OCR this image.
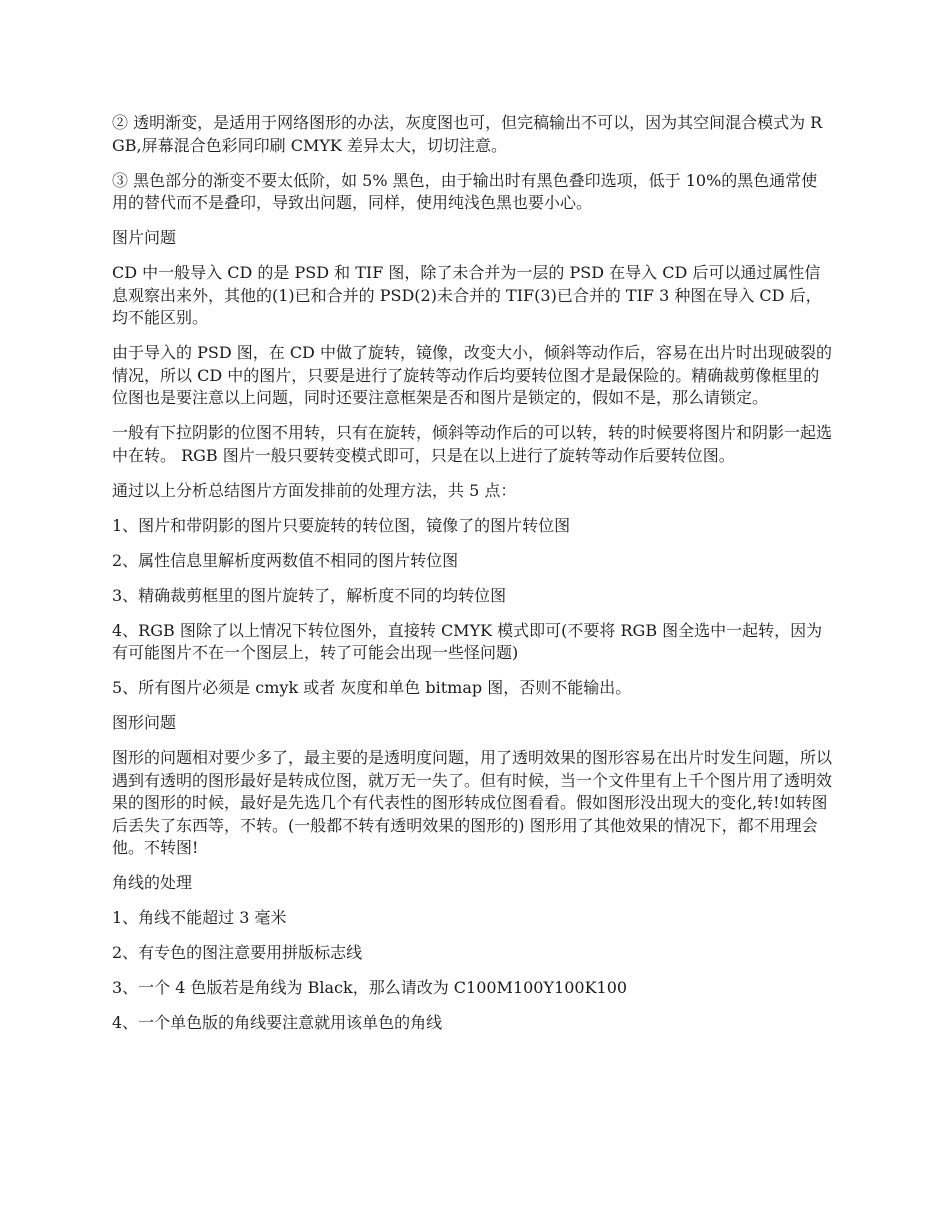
② 透明渐变，是适用于网络图形的办法，灰度图也可，但完稿输出不可以，因为其空间混合模式为 RGB,屏幕混合色彩同印刷 CMYK 差异太大，切切注意。

③ 黑色部分的渐变不要太低阶，如 5% 黑色，由于输出时有黑色叠印选项，低于 10%的黑色通常使用的替代而不是叠印，导致出问题，同样，使用纯浅色黑也要小心。

图片问题

CD 中一般导入 CD 的是 PSD 和 TIF 图，除了未合并为一层的 PSD 在导入 CD 后可以通过属性信息观察出来外，其他的(1)已和合并的 PSD(2)未合并的 TIF(3)已合并的 TIF 3 种图在导入 CD 后，均不能区别。

由于导入的 PSD 图，在 CD 中做了旋转，镜像，改变大小，倾斜等动作后，容易在出片时出现破裂的情况，所以 CD 中的图片，只要是进行了旋转等动作后均要转位图才是最保险的。精确裁剪像框里的位图也是要注意以上问题，同时还要注意框架是否和图片是锁定的，假如不是，那么请锁定。

一般有下拉阴影的位图不用转，只有在旋转，倾斜等动作后的可以转，转的时候要将图片和阴影一起选中在转。 RGB 图片一般只要转变模式即可，只是在以上进行了旋转等动作后要转位图。

通过以上分析总结图片方面发排前的处理方法，共 5 点：

1、图片和带阴影的图片只要旋转的转位图，镜像了的图片转位图

2、属性信息里解析度两数值不相同的图片转位图

3、精确裁剪框里的图片旋转了，解析度不同的均转位图

4、RGB 图除了以上情况下转位图外，直接转 CMYK 模式即可(不要将 RGB 图全选中一起转，因为有可能图片不在一个图层上，转了可能会出现一些怪问题)

5、所有图片必须是 cmyk 或者 灰度和单色 bitmap 图，否则不能输出。

图形问题

图形的问题相对要少多了，最主要的是透明度问题，用了透明效果的图形容易在出片时发生问题，所以遇到有透明的图形最好是转成位图，就万无一失了。但有时候，当一个文件里有上千个图片用了透明效果的图形的时候，最好是先选几个有代表性的图形转成位图看看。假如图形没出现大的变化,转!如转图后丢失了东西等，不转。(一般都不转有透明效果的图形的) 图形用了其他效果的情况下，都不用理会他。不转图!

角线的处理

1、角线不能超过 3 毫米

2、有专色的图注意要用拼版标志线

3、一个 4 色版若是角线为 Black，那么请改为 C100M100Y100K100

4、一个单色版的角线要注意就用该单色的角线
